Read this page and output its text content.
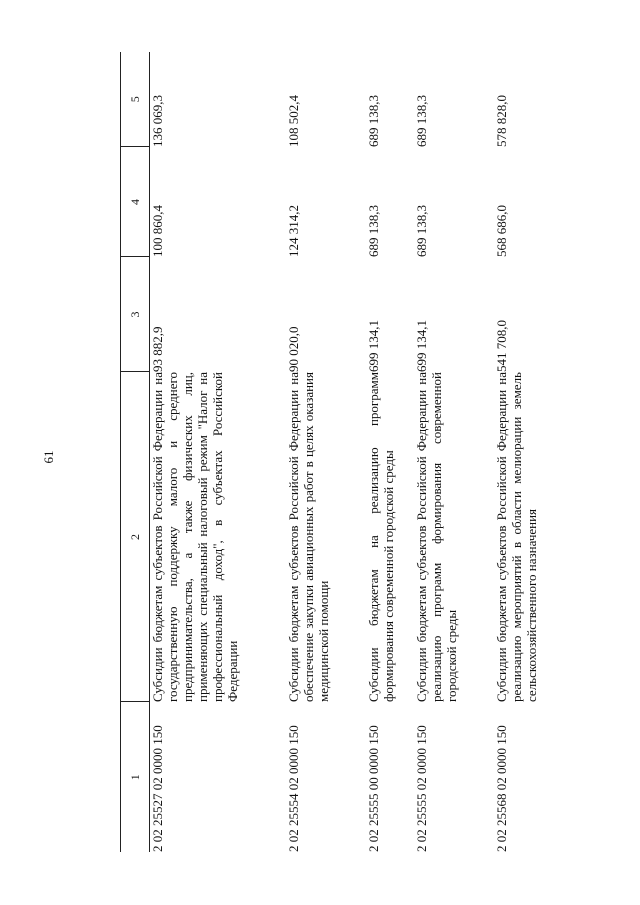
61
1	2	3	4	5
2 02 25527 02 0000 150	Субсидии бюджетам субъектов Российской Федерации на государственную поддержку малого и среднего предпринимательства, а также физических лиц, применяющих специальный налоговый режим "Налог на профессиональный доход", в субъектах Российской Федерации	93 882,9	100 860,4	136 069,3
2 02 25554 02 0000 150	Субсидии бюджетам субъектов Российской Федерации на обеспечение закупки авиационных работ в целях оказания медицинской помощи	90 020,0	124 314,2	108 502,4
2 02 25555 00 0000 150	Субсидии бюджетам на реализацию программ формирования современной городской среды	699 134,1	689 138,3	689 138,3
2 02 25555 02 0000 150	Субсидии бюджетам субъектов Российской Федерации на реализацию программ формирования современной городской среды	699 134,1	689 138,3	689 138,3
2 02 25568 02 0000 150	Субсидии бюджетам субъектов Российской Федерации на реализацию мероприятий в области мелиорации земель сельскохозяйственного назначения	541 708,0	568 686,0	578 828,0
